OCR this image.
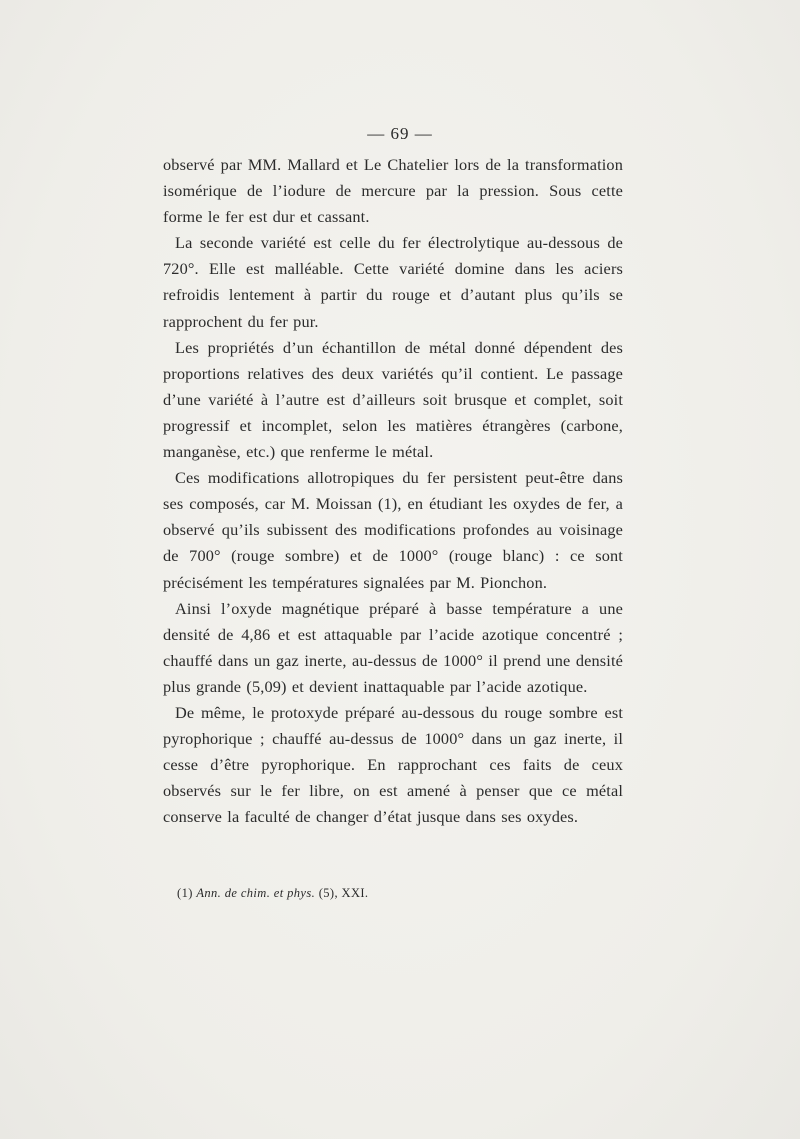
— 69 —

observé par MM. Mallard et Le Chatelier lors de la transformation isomérique de l’iodure de mercure par la pression. Sous cette forme le fer est dur et cassant.

La seconde variété est celle du fer électrolytique au-dessous de 720°. Elle est malléable. Cette variété domine dans les aciers refroidis lentement à partir du rouge et d’autant plus qu’ils se rapprochent du fer pur.

Les propriétés d’un échantillon de métal donné dépendent des proportions relatives des deux variétés qu’il contient. Le passage d’une variété à l’autre est d’ailleurs soit brusque et complet, soit progressif et incomplet, selon les matières étrangères (carbone, manganèse, etc.) que renferme le métal.

Ces modifications allotropiques du fer persistent peut-être dans ses composés, car M. Moissan (1), en étudiant les oxydes de fer, a observé qu’ils subissent des modifications profondes au voisinage de 700° (rouge sombre) et de 1000° (rouge blanc) : ce sont précisément les températures signalées par M. Pionchon.

Ainsi l’oxyde magnétique préparé à basse température a une densité de 4,86 et est attaquable par l’acide azotique concentré ; chauffé dans un gaz inerte, au-dessus de 1000° il prend une densité plus grande (5,09) et devient inattaquable par l’acide azotique.

De même, le protoxyde préparé au-dessous du rouge sombre est pyrophorique ; chauffé au-dessus de 1000° dans un gaz inerte, il cesse d’être pyrophorique. En rapprochant ces faits de ceux observés sur le fer libre, on est amené à penser que ce métal conserve la faculté de changer d’état jusque dans ses oxydes.

(1) Ann. de chim. et phys. (5), XXI.
